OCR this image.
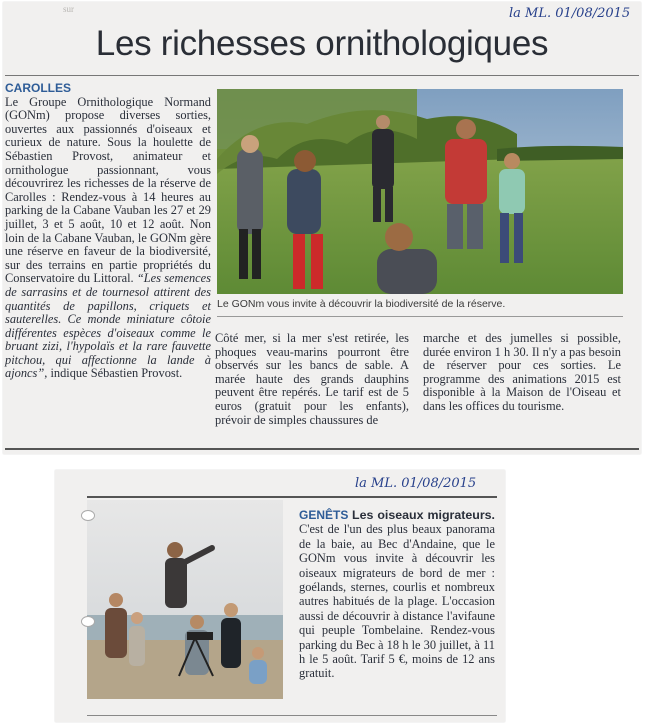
sur	la ML. 01/08/2015
Les richesses ornithologiques
CAROLLES

Le Groupe Ornithologique Normand (GONm) propose diverses sorties, ouvertes aux passionnés d'oiseaux et curieux de nature. Sous la houlette de Sébastien Provost, animateur et ornithologue passionnant, vous découvrirez les richesses de la réserve de Carolles : Rendez-vous à 14 heures au parking de la Cabane Vauban les 27 et 29 juillet, 3 et 5 août, 10 et 12 août. Non loin de la Cabane Vauban, le GONm gère une réserve en faveur de la biodiversité, sur des terrains en partie propriétés du Conservatoire du Littoral. “Les semences de sarrasins et de tournesol attirent des quantités de papillons, criquets et sauterelles. Ce monde miniature côtoie différentes espèces d'oiseaux comme le bruant zizi, l'hypolaïs et la rare fauvette pitchou, qui affectionne la lande à ajoncs”, indique Sébastien Provost.

Le GONm vous invite à découvrir la biodiversité de la réserve.

Côté mer, si la mer s'est retirée, les phoques veau-marins pourront être observés sur les bancs de sable. A marée haute des grands dauphins peuvent être repérés. Le tarif est de 5 euros (gratuit pour les enfants), prévoir de simples chaussures de

marche et des jumelles si possible, durée environ 1 h 30. Il n'y a pas besoin de réserver pour ces sorties. Le programme des animations 2015 est disponible à la Maison de l'Oiseau et dans les offices du tourisme.

la ML. 01/08/2015

GENÊTS Les oiseaux migrateurs. C'est de l'un des plus beaux panorama de la baie, au Bec d'Andaine, que le GONm vous invite à découvrir les oiseaux migrateurs de bord de mer : goélands, sternes, courlis et nombreux autres habitués de la plage. L'occasion aussi de découvrir à distance l'avifaune qui peuple Tombelaine. Rendez-vous parking du Bec à 18 h le 30 juillet, à 11 h le 5 août. Tarif 5 €, moins de 12 ans gratuit.
